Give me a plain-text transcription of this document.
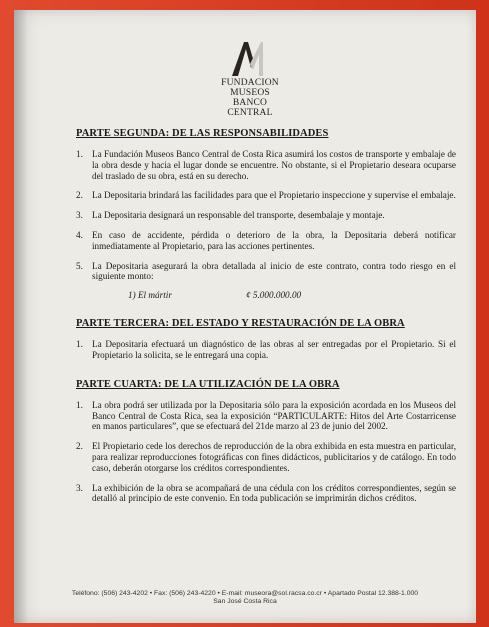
FUNDACION MUSEOS
BANCO CENTRAL
PARTE SEGUNDA: DE LAS RESPONSABILIDADES
1. La Fundación Museos Banco Central de Costa Rica asumirá los costos de transporte y embalaje de la obra desde y hacia el lugar donde se encuentre. No obstante, si el Propietario deseara ocuparse del traslado de su obra, está en su derecho.
2. La Depositaria brindará las facilidades para que el Propietario inspeccione y supervise el embalaje.
3. La Depositaria designará un responsable del transporte, desembalaje y montaje.
4. En caso de accidente, pérdida o deterioro de la obra, la Depositaria deberá notificar inmediatamente al Propietario, para las acciones pertinentes.
5. La Depositaria asegurará la obra detallada al inicio de este contrato, contra todo riesgo en el siguiente monto:
1) El mártir	¢ 5.000.000.00
PARTE TERCERA: DEL ESTADO Y RESTAURACIÓN DE LA OBRA
1. La Depositaria efectuará un diagnóstico de las obras al ser entregadas por el Propietario. Si el Propietario la solicita, se le entregará una copia.
PARTE CUARTA: DE LA UTILIZACIÓN DE LA OBRA
1. La obra podrá ser utilizada por la Depositaria sólo para la exposición acordada en los Museos del Banco Central de Costa Rica, sea la exposición “PARTICULARTE: Hitos del Arte Costarricense en manos particulares”, que se efectuará del 21de marzo al 23 de junio del 2002.
2. El Propietario cede los derechos de reproducción de la obra exhibida en esta muestra en particular, para realizar reproducciones fotográficas con fines didácticos, publicitarios y de catálogo. En todo caso, deberán otorgarse los créditos correspondientes.
3. La exhibición de la obra se acompañará de una cédula con los créditos correspondientes, según se detalló al principio de este convenio. En toda publicación se imprimirán dichos créditos.
Teléfono: (506) 243-4202 • Fax: (506) 243-4220 • E-mail: museora@sol.racsa.co.cr • Apartado Postal 12.388-1.000
San José Costa Rica
